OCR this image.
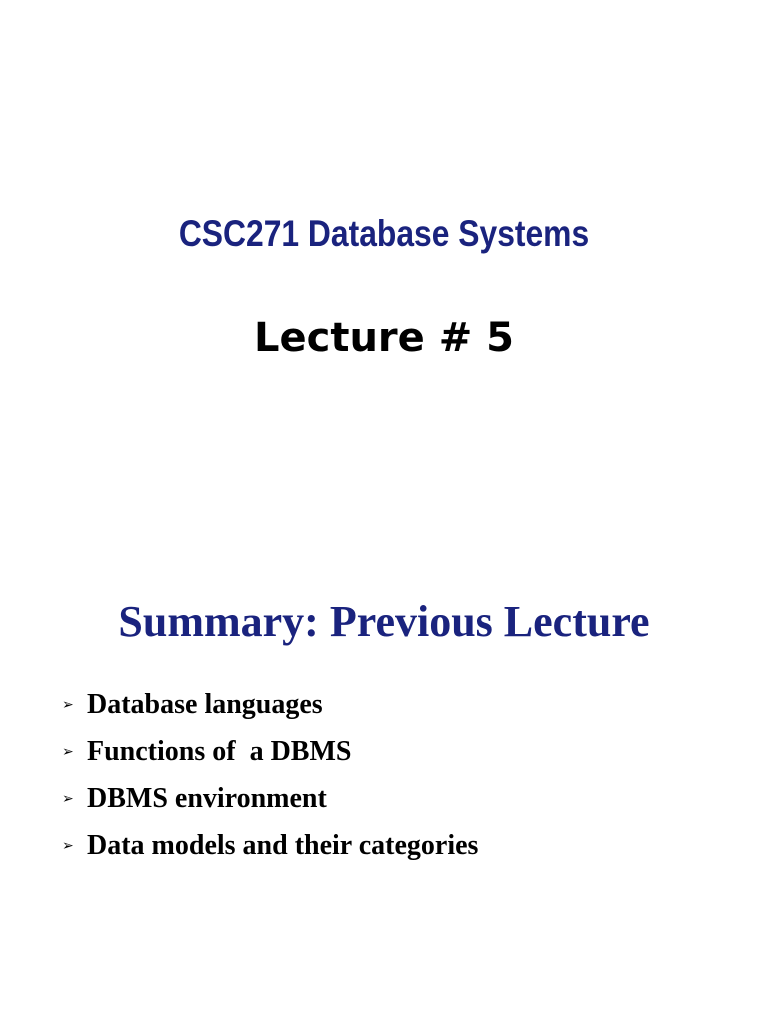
CSC271 Database Systems
Lecture # 5
Summary: Previous Lecture
➢ Database languages
➢ Functions of  a DBMS
➢ DBMS environment
➢ Data models and their categories
